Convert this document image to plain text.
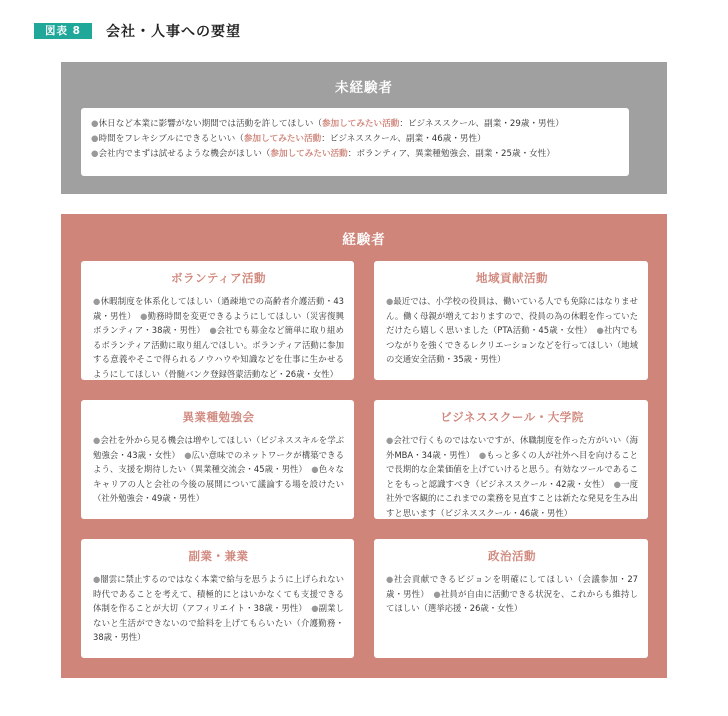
図表 8	会社・人事への要望
未経験者

●休日など本業に影響がない期間では活動を許してほしい（参加してみたい活動：ビジネススクール、副業・29歳・男性）

●時間をフレキシブルにできるといい（参加してみたい活動：ビジネススクール、副業・46歳・男性）

●会社内でまずは試せるような機会がほしい（参加してみたい活動：ボランティア、異業種勉強会、副業・25歳・女性）

経験者
ボランティア活動
●休暇制度を体系化してほしい（過疎地での高齢者介護活動・43歳・男性）　 ●勤務時間を変更できるようにしてほしい（災害復興ボランティア・38歳・男性）　 ●会社でも募金など簡単に取り組めるボランティア活動に取り組んでほしい。ボランティア活動に参加する意義やそこで得られるノウハウや知識などを仕事に生かせるようにしてほしい（骨髄バンク登録啓蒙活動など・26歳・女性）
地域貢献活動
●最近では、小学校の役員は、働いている人でも免除にはなりません。働く母親が増えておりますので、役員の為の休暇を作っていただけたら嬉しく思いました（PTA活動・45歳・女性）　 ●社内でもつながりを強くできるレクリエーションなどを行ってほしい（地域の交通安全活動・35歳・男性）
異業種勉強会
●会社を外から見る機会は増やしてほしい（ビジネススキルを学ぶ勉強会・43歳・女性）　 ●広い意味でのネットワークが構築できるよう、支援を期待したい（異業種交流会・45歳・男性）　 ●色々なキャリアの人と会社の今後の展開について議論する場を設けたい（社外勉強会・49歳・男性）
ビジネススクール・大学院
●会社で行くものではないですが、休職制度を作った方がいい（海外MBA・34歳・男性）　 ●もっと多くの人が社外へ目を向けることで長期的な企業価値を上げていけると思う。有効なツールであることをもっと認識すべき（ビジネススクール・42歳・女性）　 ●一度社外で客観的にこれまでの業務を見直すことは新たな発見を生み出すと思います（ビジネススクール・46歳・男性）
副業・兼業
●闇雲に禁止するのではなく本業で給与を思うように上げられない時代であることを考えて、積極的にとはいかなくても支援できる体制を作ることが大切（アフィリエイト・38歳・男性）　 ●副業しないと生活ができないので給料を上げてもらいたい（介護勤務・38歳・男性）
政治活動
●社会貢献できるビジョンを明確にしてほしい（会議参加・27歳・男性）　 ●社員が自由に活動できる状況を、これからも維持してほしい（選挙応援・26歳・女性）
